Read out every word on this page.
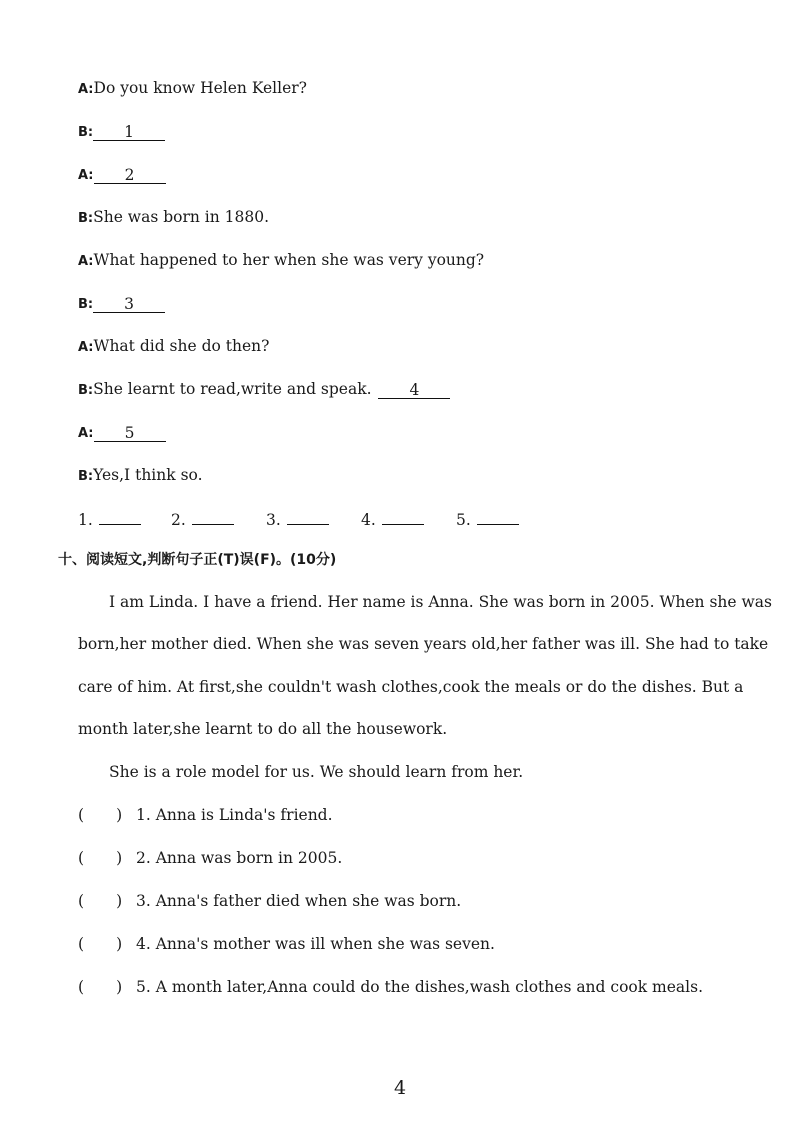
A:Do you know Helen Keller?
B: 1
A: 2
B:She was born in 1880.
A:What happened to her when she was very young?
B: 3
A:What did she do then?
B:She learnt to read,write and speak. 4
A: 5
B:Yes,I think so.
1.	2.	3.	4.	5.
十、阅读短文,判断句子正(T)误(F)。(10分)
I am Linda. I have a friend. Her name is Anna. She was born in 2005. When she was
born,her mother died. When she was seven years old,her father was ill. She had to take
care of him. At first,she couldn't wash clothes,cook the meals or do the dishes. But a
month later,she learnt to do all the housework.
She is a role model for us. We should learn from her.
( ) 1. Anna is Linda's friend.
( ) 2. Anna was born in 2005.
( ) 3. Anna's father died when she was born.
( ) 4. Anna's mother was ill when she was seven.
( ) 5. A month later,Anna could do the dishes,wash clothes and cook meals.
4
